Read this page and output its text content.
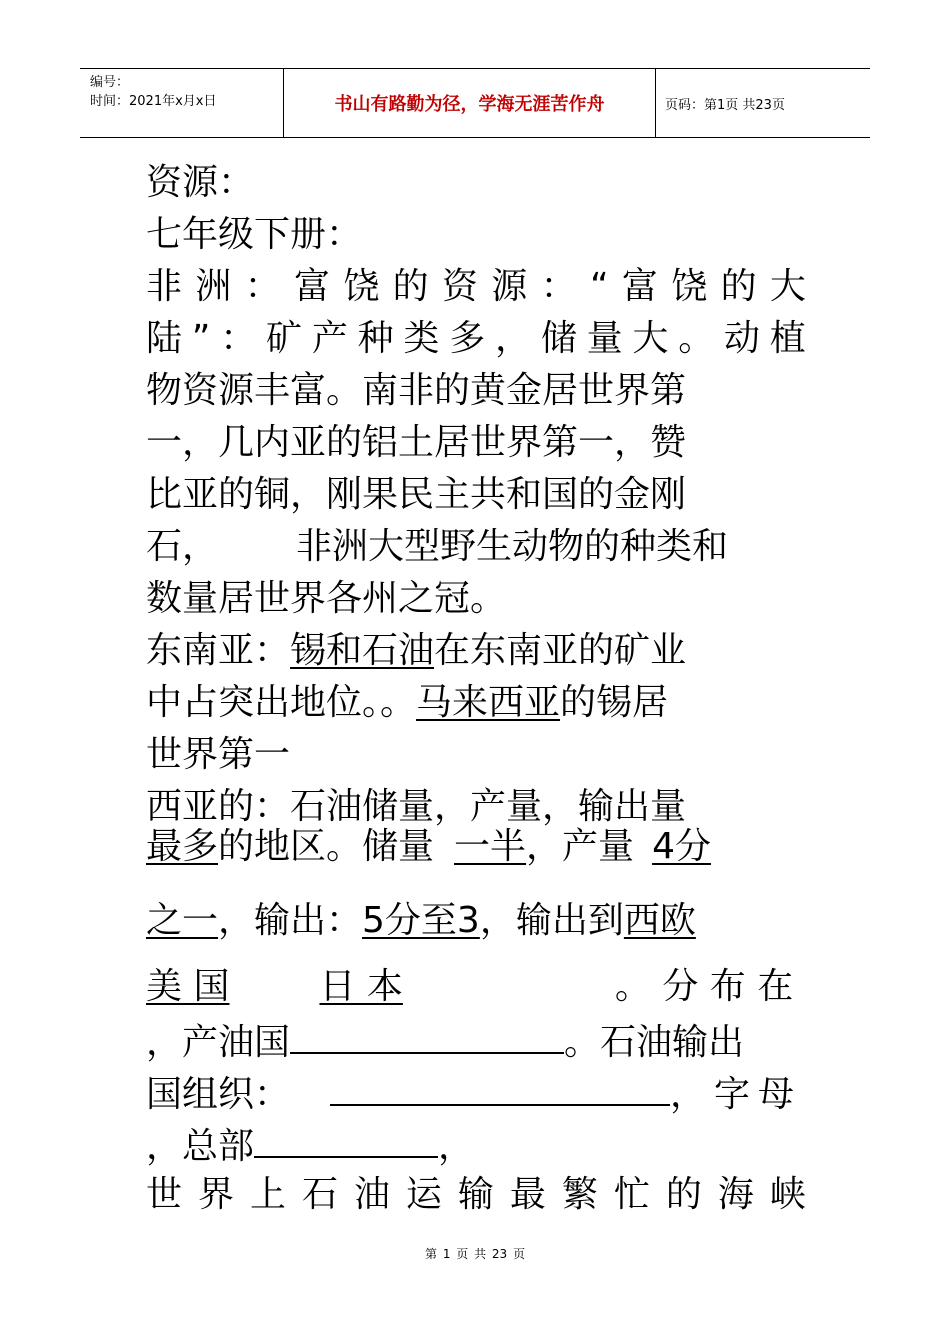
编号：
时间：2021年x月x日	书山有路勤为径，学海无涯苦作舟	页码：第1页 共23页
资源：
七年级下册：
非 洲 ： 富 饶 的 资 源 ： “ 富 饶 的 大
陆 ” ： 矿 产 种 类 多 ， 储 量 大 。 动 植
物资源丰富。南非的黄金居世界第
一，几内亚的铝土居世界第一，赞
比亚的铜，刚果民主共和国的金刚
石， 非洲大型野生动物的种类和
数量居世界各州之冠。
东南亚：锡和石油在东南亚的矿业
中占突出地位。。马来西亚的锡居
世界第一
西亚的：石油储量，产量，输出量
最多的地区。储量 一半，产量 4分
之一，输出：5分至3，输出到西欧
美 国	日 本	。 分 布 在
，产油国	。石油输出
国组织：	，字母
，总部	，
世 界 上 石 油 运 输 最 繁 忙 的 海 峡
第 1 页 共 23 页
